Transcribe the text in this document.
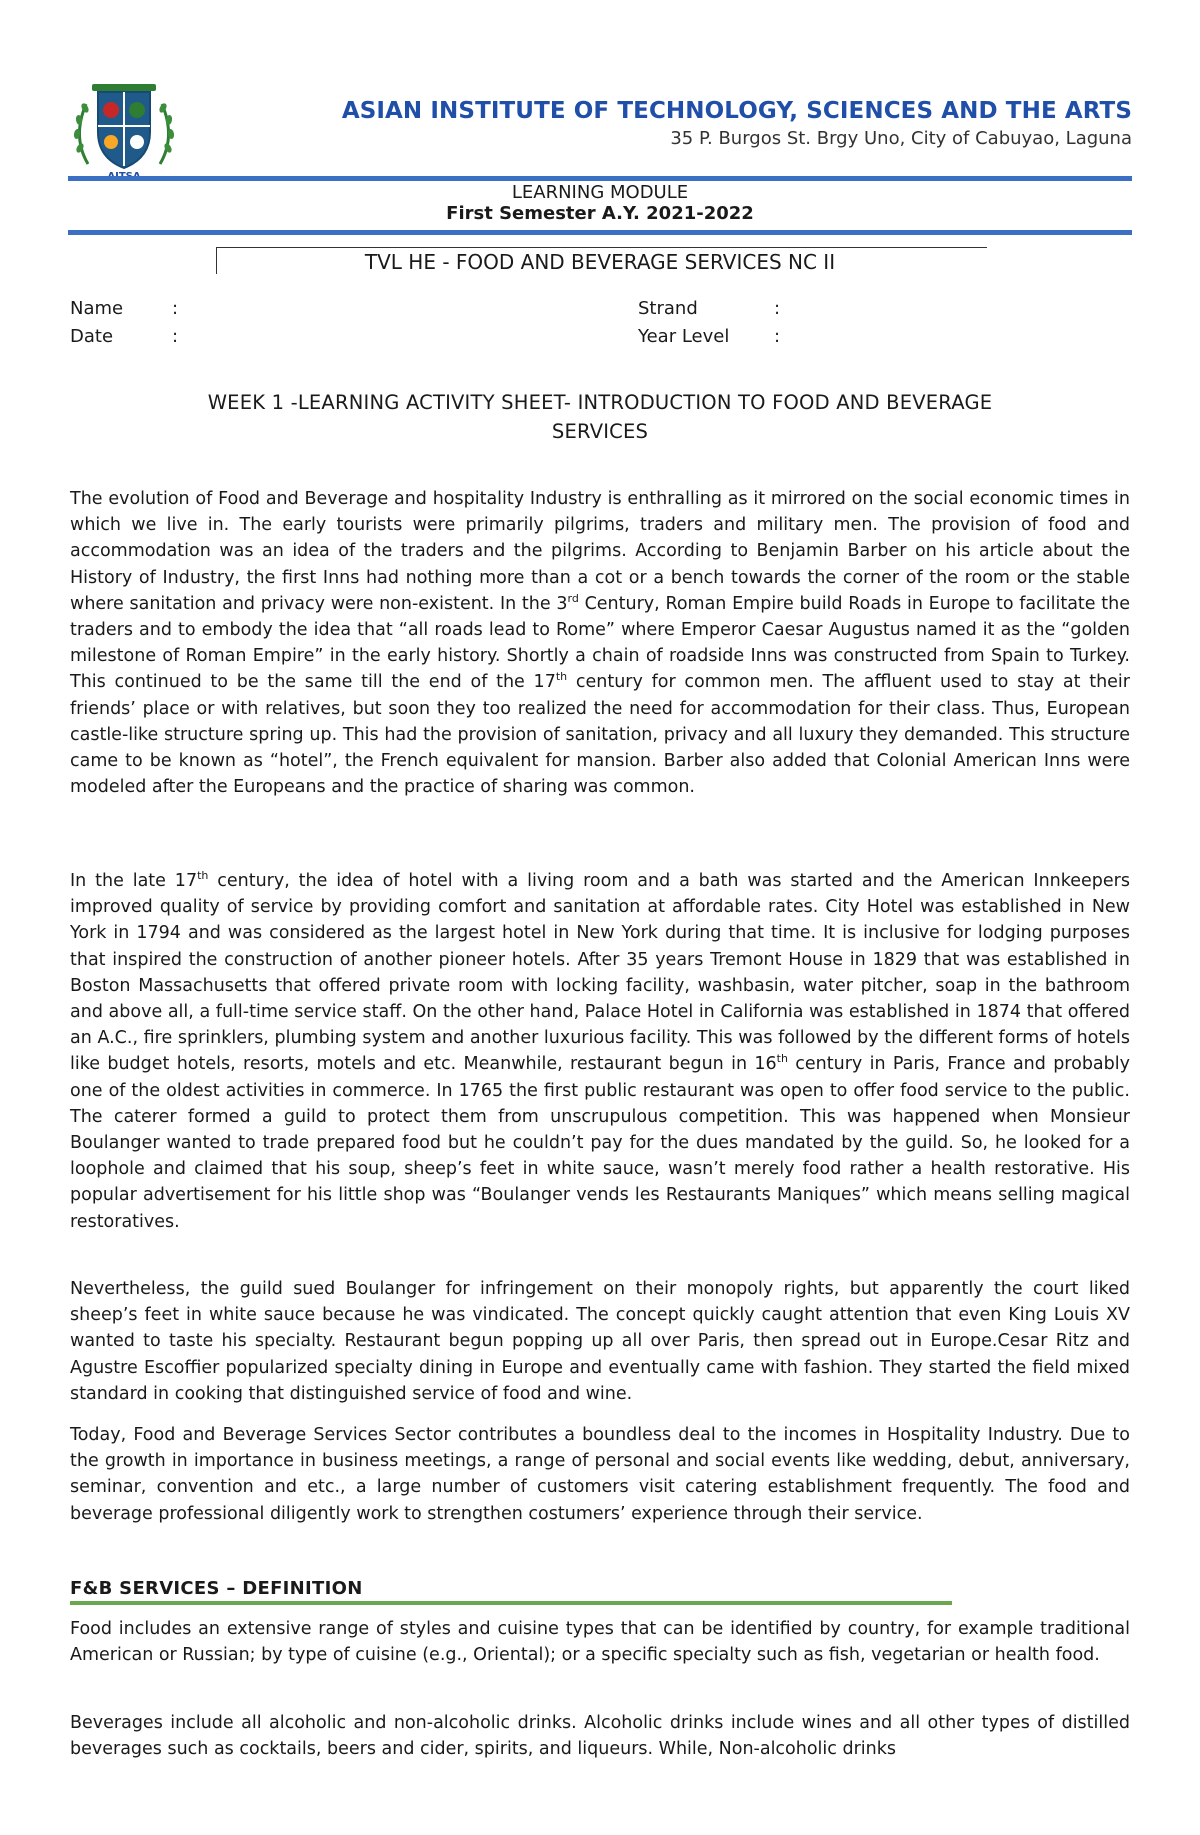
ASIAN INSTITUTE OF TECHNOLOGY, SCIENCES AND THE ARTS
35 P. Burgos St. Brgy Uno, City of Cabuyao, Laguna
LEARNING MODULE
First Semester A.Y. 2021-2022
TVL HE - FOOD AND BEVERAGE SERVICES NC II
Name	:
Date	:
Strand	:
Year Level :
WEEK 1 -LEARNING ACTIVITY SHEET- INTRODUCTION TO FOOD AND BEVERAGE
SERVICES

The evolution of Food and Beverage and hospitality Industry is enthralling as it mirrored on the social economic times in which we live in. The early tourists were primarily pilgrims, traders and military men. The provision of food and accommodation was an idea of the traders and the pilgrims. According to Benjamin Barber on his article about the History of Industry, the first Inns had nothing more than a cot or a bench towards the corner of the room or the stable where sanitation and privacy were non-existent. In the 3rd Century, Roman Empire build Roads in Europe to facilitate the traders and to embody the idea that “all roads lead to Rome” where Emperor Caesar Augustus named it as the “golden milestone of Roman Empire” in the early history. Shortly a chain of roadside Inns was constructed from Spain to Turkey. This continued to be the same till the end of the 17th century for common men. The affluent used to stay at their friends’ place or with relatives, but soon they too realized the need for accommodation for their class. Thus, European castle-like structure spring up. This had the provision of sanitation, privacy and all luxury they demanded. This structure came to be known as “hotel”, the French equivalent for mansion. Barber also added that Colonial American Inns were modeled after the Europeans and the practice of sharing was common.

In the late 17th century, the idea of hotel with a living room and a bath was started and the American Innkeepers improved quality of service by providing comfort and sanitation at affordable rates. City Hotel was established in New York in 1794 and was considered as the largest hotel in New York during that time. It is inclusive for lodging purposes that inspired the construction of another pioneer hotels. After 35 years Tremont House in 1829 that was established in Boston Massachusetts that offered private room with locking facility, washbasin, water pitcher, soap in the bathroom and above all, a full-time service staff. On the other hand, Palace Hotel in California was established in 1874 that offered an A.C., fire sprinklers, plumbing system and another luxurious facility. This was followed by the different forms of hotels like budget hotels, resorts, motels and etc. Meanwhile, restaurant begun in 16th century in Paris, France and probably one of the oldest activities in commerce. In 1765 the first public restaurant was open to offer food service to the public. The caterer formed a guild to protect them from unscrupulous competition. This was happened when Monsieur Boulanger wanted to trade prepared food but he couldn’t pay for the dues mandated by the guild. So, he looked for a loophole and claimed that his soup, sheep’s feet in white sauce, wasn’t merely food rather a health restorative. His popular advertisement for his little shop was “Boulanger vends les Restaurants Maniques” which means selling magical restoratives.

Nevertheless, the guild sued Boulanger for infringement on their monopoly rights, but apparently the court liked sheep’s feet in white sauce because he was vindicated. The concept quickly caught attention that even King Louis XV wanted to taste his specialty. Restaurant begun popping up all over Paris, then spread out in Europe.Cesar Ritz and Agustre Escoffier popularized specialty dining in Europe and eventually came with fashion. They started the field mixed standard in cooking that distinguished service of food and wine.

Today, Food and Beverage Services Sector contributes a boundless deal to the incomes in Hospitality Industry. Due to the growth in importance in business meetings, a range of personal and social events like wedding, debut, anniversary, seminar, convention and etc., a large number of customers visit catering establishment frequently. The food and beverage professional diligently work to strengthen costumers’ experience through their service.

F&B SERVICES – DEFINITION

Food includes an extensive range of styles and cuisine types that can be identified by country, for example traditional American or Russian; by type of cuisine (e.g., Oriental); or a specific specialty such as fish, vegetarian or health food.

Beverages include all alcoholic and non-alcoholic drinks. Alcoholic drinks include wines and all other types of distilled beverages such as cocktails, beers and cider, spirits, and liqueurs. While, Non-alcoholic drinks
